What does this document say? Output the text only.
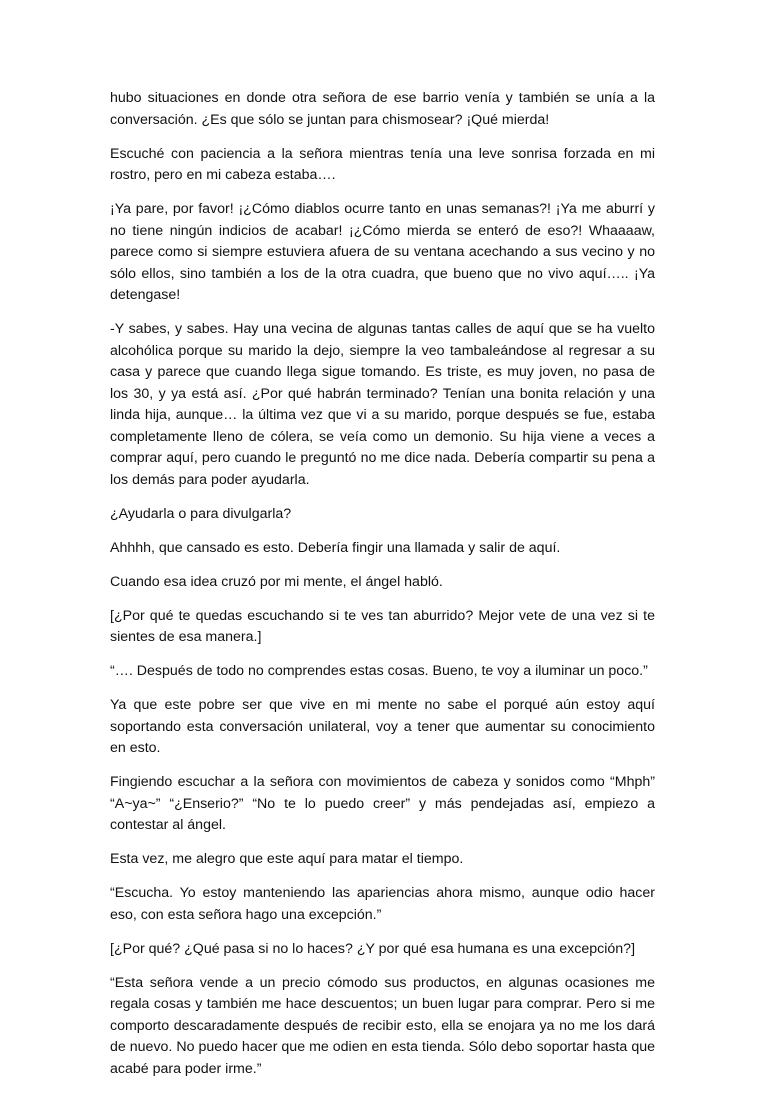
hubo situaciones en donde otra señora de ese barrio venía y también se unía a la conversación. ¿Es que sólo se juntan para chismosear? ¡Qué mierda!

Escuché con paciencia a la señora mientras tenía una leve sonrisa forzada en mi rostro, pero en mi cabeza estaba….

¡Ya pare, por favor! ¡¿Cómo diablos ocurre tanto en unas semanas?! ¡Ya me aburrí y no tiene ningún indicios de acabar! ¡¿Cómo mierda se enteró de eso?! Whaaaaw, parece como si siempre estuviera afuera de su ventana acechando a sus vecino y no sólo ellos, sino también a los de la otra cuadra, que bueno que no vivo aquí….. ¡Ya detengase!

-Y sabes, y sabes. Hay una vecina de algunas tantas calles de aquí que se ha vuelto alcohólica porque su marido la dejo, siempre la veo tambaleándose al regresar a su casa y parece que cuando llega sigue tomando. Es triste, es muy joven, no pasa de los 30, y ya está así. ¿Por qué habrán terminado? Tenían una bonita relación y una linda hija, aunque… la última vez que vi a su marido, porque después se fue, estaba completamente lleno de cólera, se veía como un demonio. Su hija viene a veces a comprar aquí, pero cuando le preguntó no me dice nada. Debería compartir su pena a los demás para poder ayudarla.

¿Ayudarla o para divulgarla?

Ahhhh, que cansado es esto. Debería fingir una llamada y salir de aquí.

Cuando esa idea cruzó por mi mente, el ángel habló.

[¿Por qué te quedas escuchando si te ves tan aburrido? Mejor vete de una vez si te sientes de esa manera.]

“…. Después de todo no comprendes estas cosas. Bueno, te voy a iluminar un poco.”

Ya que este pobre ser que vive en mi mente no sabe el porqué aún estoy aquí soportando esta conversación unilateral, voy a tener que aumentar su conocimiento en esto.

Fingiendo escuchar a la señora con movimientos de cabeza y sonidos como “Mhph” “A~ya~” “¿Enserio?” “No te lo puedo creer” y más pendejadas así, empiezo a contestar al ángel.

Esta vez, me alegro que este aquí para matar el tiempo.

“Escucha. Yo estoy manteniendo las apariencias ahora mismo, aunque odio hacer eso, con esta señora hago una excepción.”

[¿Por qué? ¿Qué pasa si no lo haces? ¿Y por qué esa humana es una excepción?]

“Esta señora vende a un precio cómodo sus productos, en algunas ocasiones me regala cosas y también me hace descuentos; un buen lugar para comprar. Pero si me comporto descaradamente después de recibir esto, ella se enojara ya no me los dará de nuevo. No puedo hacer que me odien en esta tienda. Sólo debo soportar hasta que acabé para poder irme.”
